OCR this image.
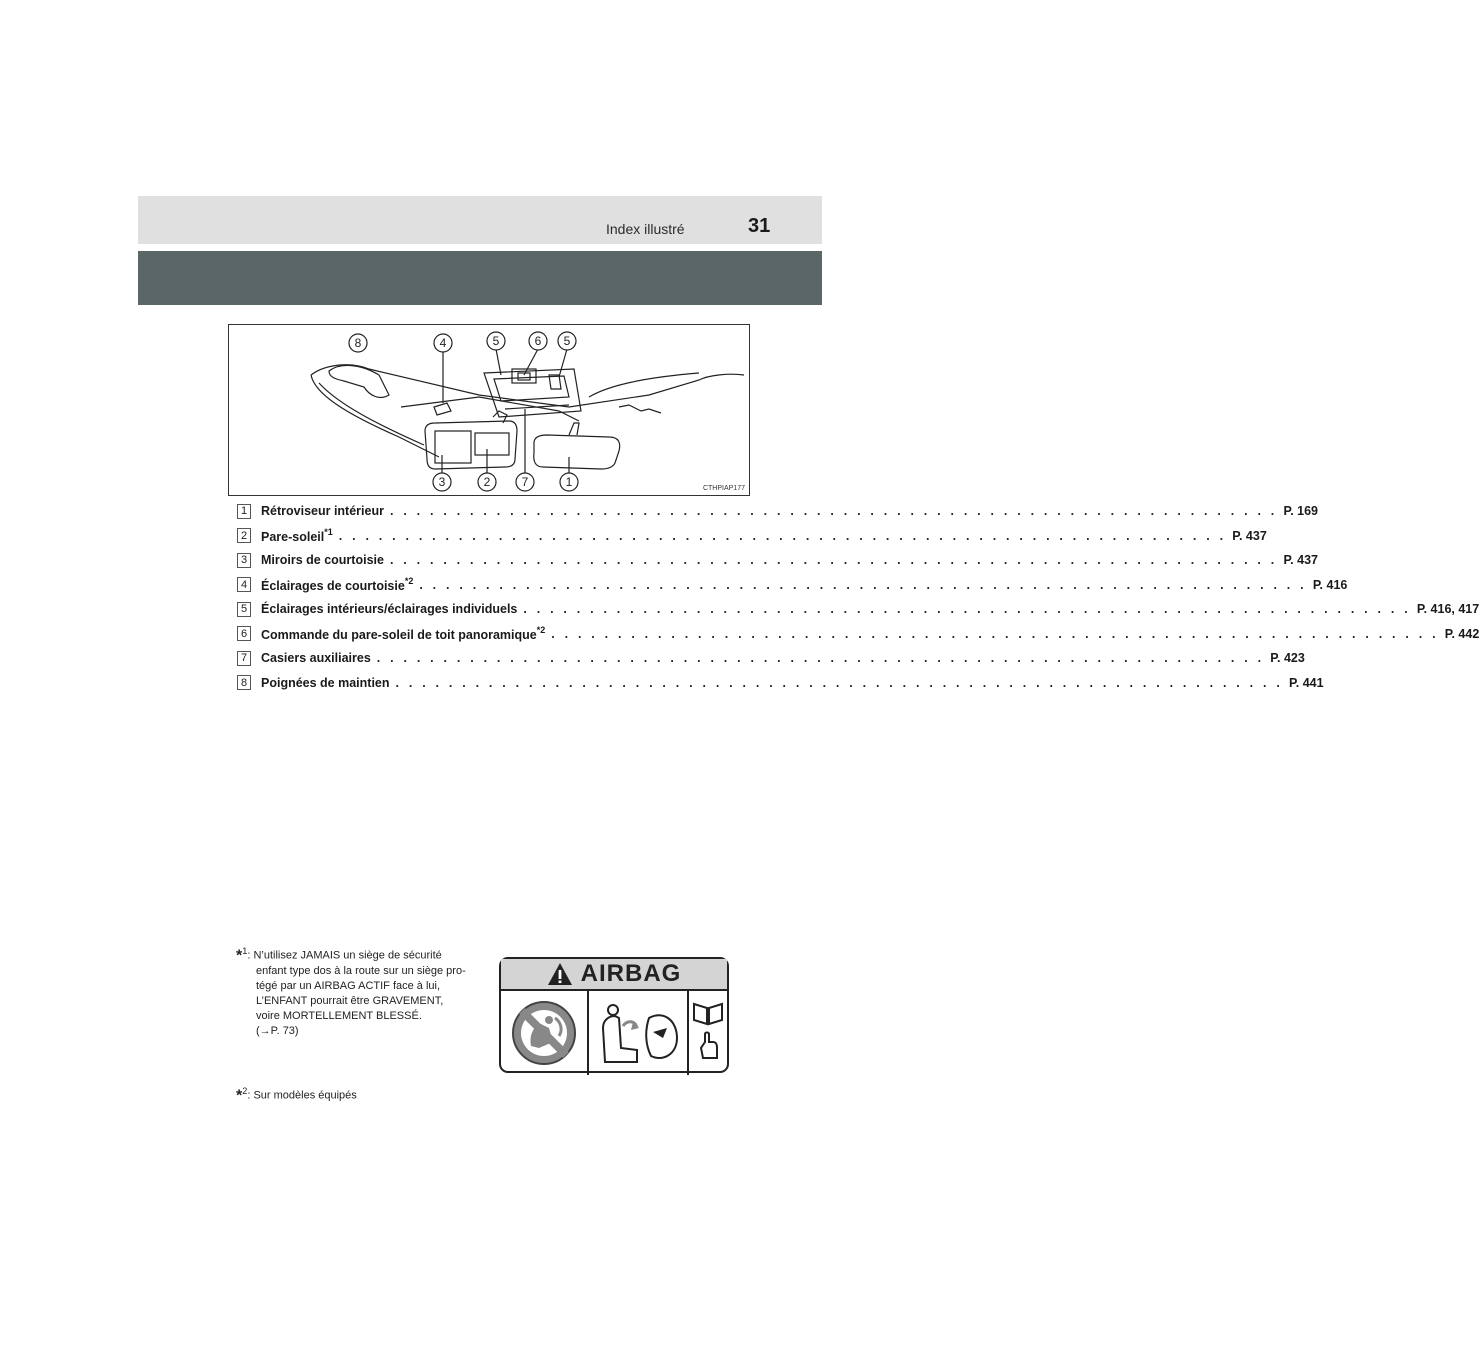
Index illustré	31
8	4	5	6 5
3	2	7	1	CTHPIAP177
1	Rétroviseur intérieur . . . . . . . . . . . . . . . . . . . . . . . . . . . . . . . . . . . . . . . . . . . . . . . . . . . . . . . . . . . . . . . . . . . P. 169
2	Pare-soleil$^{*1}$ . . . . . . . . . . . . . . . . . . . . . . . . . . . . . . . . . . . . . . . . . . . . . . . . . . . . . . . . . . . . . . . . . . . P. 437
3	Miroirs de courtoisie . . . . . . . . . . . . . . . . . . . . . . . . . . . . . . . . . . . . . . . . . . . . . . . . . . . . . . . . . . . . . . . . . . . P. 437
4	Éclairages de courtoisie$^{*2}$ . . . . . . . . . . . . . . . . . . . . . . . . . . . . . . . . . . . . . . . . . . . . . . . . . . . . . . . . . . . . . . . . . . . P. 416
5	Éclairages intérieurs/éclairages individuels . . . . . . . . . . . . . . . . . . . . . . . . . . . . . . . . . . . . . . . . . . . . . . . . . . . . . . . . . . . . . . . . . . . P. 416, 417
6	Commande du pare-soleil de toit panoramique$^{*2}$ . . . . . . . . . . . . . . . . . . . . . . . . . . . . . . . . . . . . . . . . . . . . . . . . . . . . . . . . . . . . . . . . . . . P. 442
7	Casiers auxiliaires . . . . . . . . . . . . . . . . . . . . . . . . . . . . . . . . . . . . . . . . . . . . . . . . . . . . . . . . . . . . . . . . . . . P. 423
8	Poignées de maintien . . . . . . . . . . . . . . . . . . . . . . . . . . . . . . . . . . . . . . . . . . . . . . . . . . . . . . . . . . . . . . . . . . . P. 441
*$^1$: N’utilisez JAMAIS un siège de sécurité
enfant type dos à la route sur un siège pro-
tégé par un AIRBAG ACTIF face à lui,
L’ENFANT pourrait être GRAVEMENT,
voire MORTELLEMENT BLESSÉ.
(→P. 73)
*$^2$: Sur modèles équipés
AIRBAG
